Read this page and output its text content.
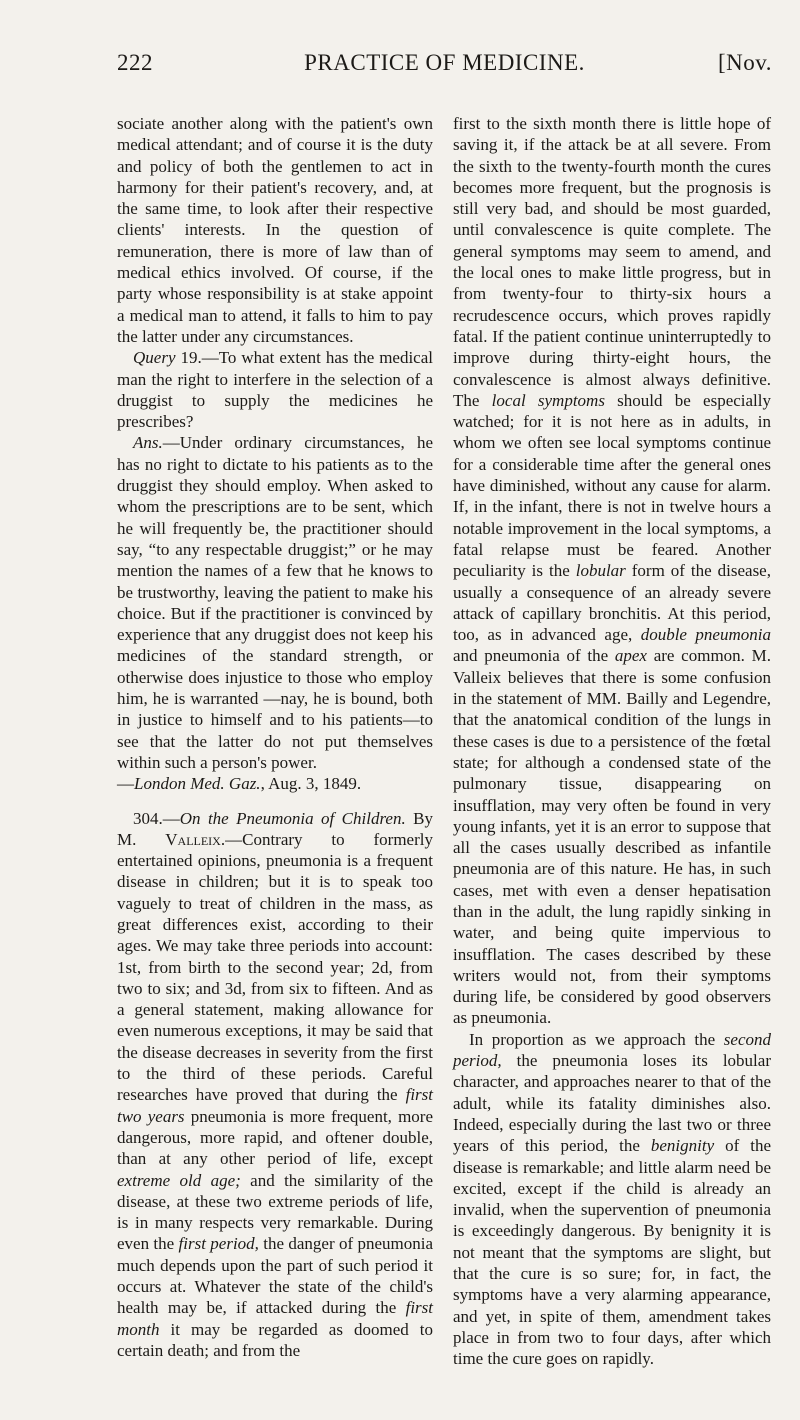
222	PRACTICE OF MEDICINE.	[Nov.

sociate another along with the patient's own medical attendant; and of course it is the duty and policy of both the gentlemen to act in harmony for their patient's recovery, and, at the same time, to look after their respective clients' interests. In the question of remuneration, there is more of law than of medical ethics involved. Of course, if the party whose responsibility is at stake appoint a medical man to attend, it falls to him to pay the latter under any circumstances.

Query 19.—To what extent has the medical man the right to interfere in the selection of a druggist to supply the medicines he prescribes?

Ans.—Under ordinary circumstances, he has no right to dictate to his patients as to the druggist they should employ. When asked to whom the prescriptions are to be sent, which he will frequently be, the practitioner should say, “to any respectable druggist;” or he may mention the names of a few that he knows to be trustworthy, leaving the patient to make his choice. But if the practitioner is convinced by experience that any druggist does not keep his medicines of the standard strength, or otherwise does injustice to those who employ him, he is warranted —nay, he is bound, both in justice to himself and to his patients—to see that the latter do not put themselves within such a person's power.

—London Med. Gaz., Aug. 3, 1849.

304.—On the Pneumonia of Children. By M. Valleix.—Contrary to formerly entertained opinions, pneumonia is a frequent disease in children; but it is to speak too vaguely to treat of children in the mass, as great differences exist, according to their ages. We may take three periods into account: 1st, from birth to the second year; 2d, from two to six; and 3d, from six to fifteen. And as a general statement, making allowance for even numerous exceptions, it may be said that the disease decreases in severity from the first to the third of these periods. Careful researches have proved that during the first two years pneumonia is more frequent, more dangerous, more rapid, and oftener double, than at any other period of life, except extreme old age; and the similarity of the disease, at these two extreme periods of life, is in many respects very remarkable. During even the first period, the danger of pneumonia much depends upon the part of such period it occurs at. Whatever the state of the child's health may be, if attacked during the first month it may be regarded as doomed to certain death; and from the

first to the sixth month there is little hope of saving it, if the attack be at all severe. From the sixth to the twenty-fourth month the cures becomes more frequent, but the prognosis is still very bad, and should be most guarded, until convalescence is quite complete. The general symptoms may seem to amend, and the local ones to make little progress, but in from twenty-four to thirty-six hours a recrudescence occurs, which proves rapidly fatal. If the patient continue uninterruptedly to improve during thirty-eight hours, the convalescence is almost always definitive. The local symptoms should be especially watched; for it is not here as in adults, in whom we often see local symptoms continue for a considerable time after the general ones have diminished, without any cause for alarm. If, in the infant, there is not in twelve hours a notable improvement in the local symptoms, a fatal relapse must be feared. Another peculiarity is the lobular form of the disease, usually a consequence of an already severe attack of capillary bronchitis. At this period, too, as in advanced age, double pneumonia and pneumonia of the apex are common. M. Valleix believes that there is some confusion in the statement of MM. Bailly and Legendre, that the anatomical condition of the lungs in these cases is due to a persistence of the fœtal state; for although a condensed state of the pulmonary tissue, disappearing on insufflation, may very often be found in very young infants, yet it is an error to suppose that all the cases usually described as infantile pneumonia are of this nature. He has, in such cases, met with even a denser hepatisation than in the adult, the lung rapidly sinking in water, and being quite impervious to insufflation. The cases described by these writers would not, from their symptoms during life, be considered by good observers as pneumonia.

In proportion as we approach the second period, the pneumonia loses its lobular character, and approaches nearer to that of the adult, while its fatality diminishes also. Indeed, especially during the last two or three years of this period, the benignity of the disease is remarkable; and little alarm need be excited, except if the child is already an invalid, when the supervention of pneumonia is exceedingly dangerous. By benignity it is not meant that the symptoms are slight, but that the cure is so sure; for, in fact, the symptoms have a very alarming appearance, and yet, in spite of them, amendment takes place in from two to four days, after which time the cure goes on rapidly.
